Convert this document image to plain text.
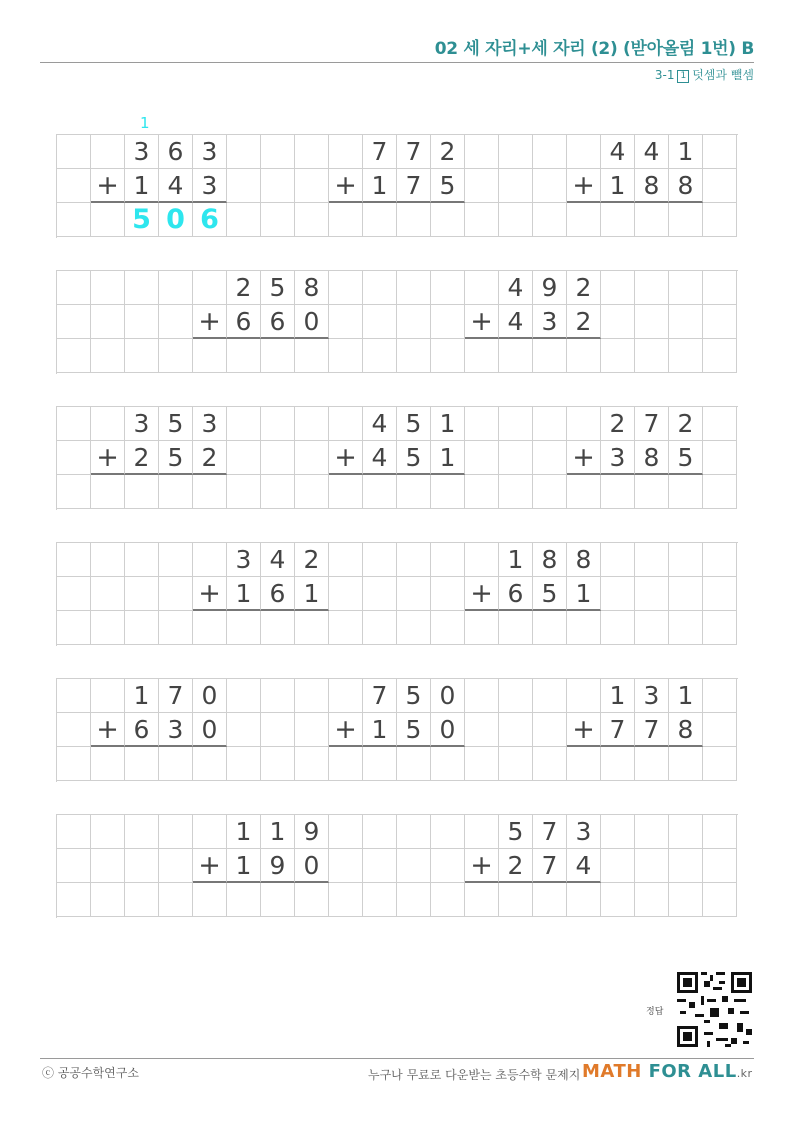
02 세 자리+세 자리 (2) (받아올림 1번) B
3-1 1 덧셈과 뺄셈
1
3 6 3	7 7 2	4 4 1
+ 1 4 3	+ 1 7 5	+ 1 8 8
5 0 6
2 5 8	4 9 2
+ 6 6 0	+ 4 3 2
3 5 3	4 5 1	2 7 2
+ 2 5 2	+ 4 5 1	+ 3 8 5
3 4 2	1 8 8
+ 1 6 1	+ 6 5 1
1 7 0	7 5 0	1 3 1
+ 6 3 0	+ 1 5 0	+ 7 7 8
1 1 9	5 7 3
+ 1 9 0	+ 2 7 4
정답
ⓒ 공공수학연구소	누구나 무료로 다운받는 초등수학 문제지 MATH FOR ALL.kr
